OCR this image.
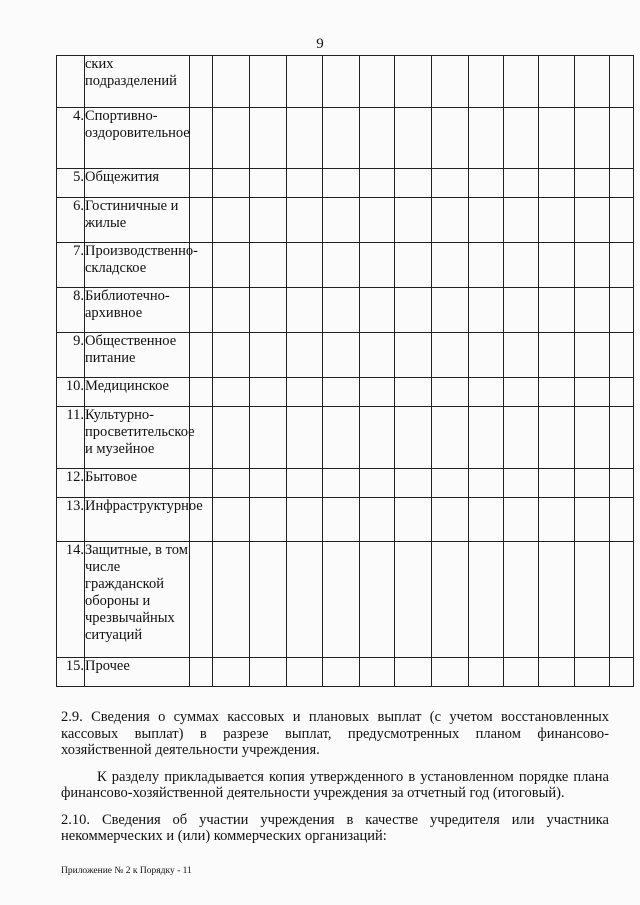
9
	ских подразделений													
4.	Спортивно-оздоровительное													
5.	Общежития													
6.	Гостиничные и жилые													
7.	Производственно-складское													
8.	Библиотечно-архивное													
9.	Общественное питание													
10.	Медицинское													
11.	Культурно-просветительское и музейное													
12.	Бытовое													
13.	Инфраструктурное													
14.	Защитные, в том числе гражданской обороны и чрезвычайных ситуаций													
15.	Прочее													

2.9. Сведения о суммах кассовых и плановых выплат (с учетом восстановленных кассовых выплат) в разрезе выплат, предусмотренных планом финансово-хозяйственной деятельности учреждения.

К разделу прикладывается копия утвержденного в установленном порядке плана финансово-хозяйственной деятельности учреждения за отчетный год (итоговый).

2.10. Сведения об участии учреждения в качестве учредителя или участника некоммерческих и (или) коммерческих организаций:

Приложение № 2 к Порядку - 11
